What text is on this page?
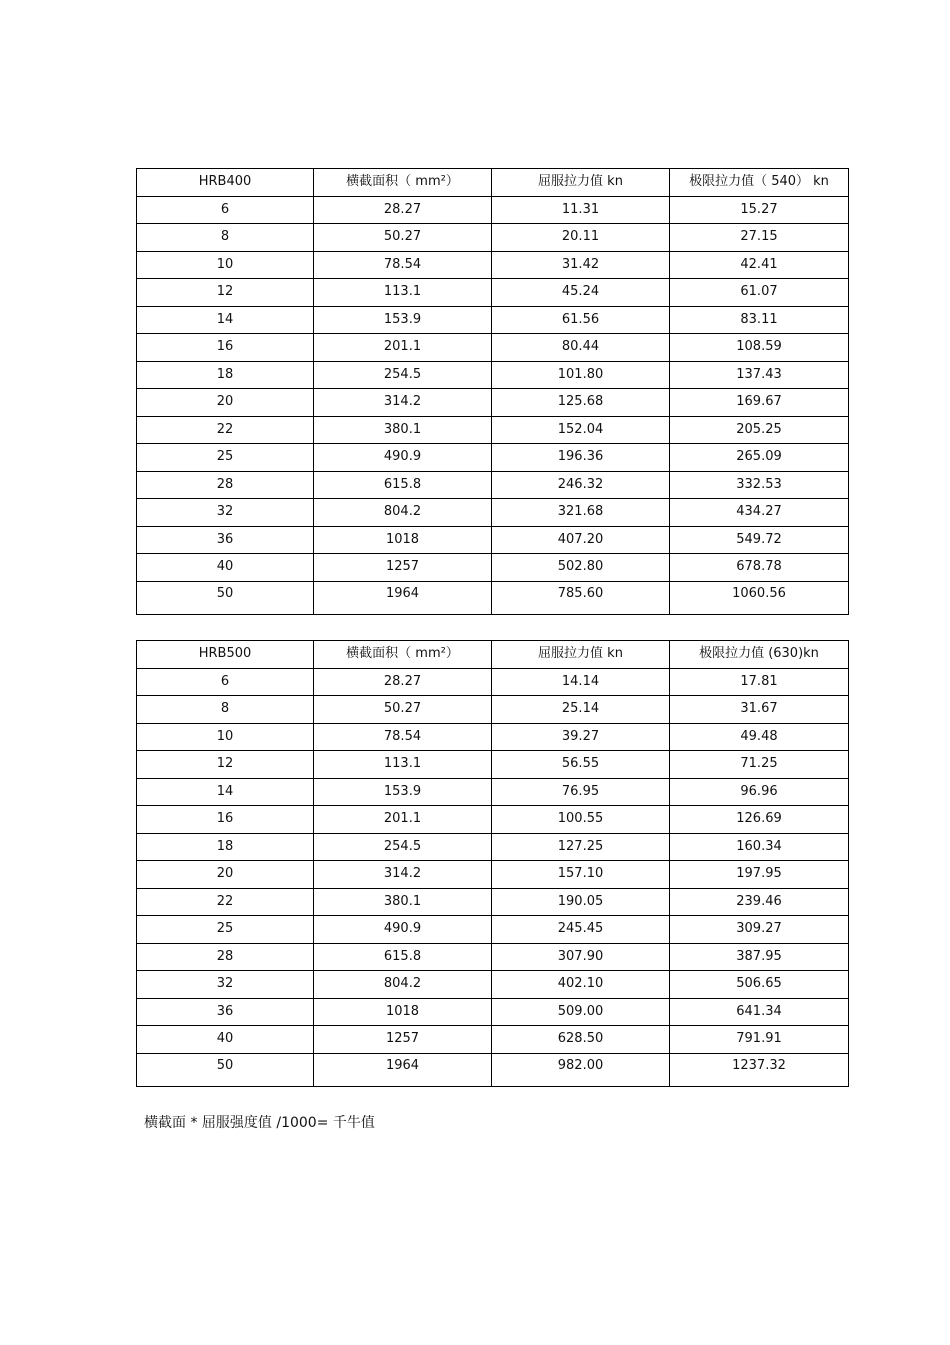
HRB400	横截面积（ mm²）	屈服拉力值 kn	极限拉力值（ 540） kn
6	28.27	11.31	15.27
8	50.27	20.11	27.15
10	78.54	31.42	42.41
12	113.1	45.24	61.07
14	153.9	61.56	83.11
16	201.1	80.44	108.59
18	254.5	101.80	137.43
20	314.2	125.68	169.67
22	380.1	152.04	205.25
25	490.9	196.36	265.09
28	615.8	246.32	332.53
32	804.2	321.68	434.27
36	1018	407.20	549.72
40	1257	502.80	678.78
50	1964	785.60	1060.56
HRB500	横截面积（ mm²）	屈服拉力值 kn	极限拉力值 (630)kn
6	28.27	14.14	17.81
8	50.27	25.14	31.67
10	78.54	39.27	49.48
12	113.1	56.55	71.25
14	153.9	76.95	96.96
16	201.1	100.55	126.69
18	254.5	127.25	160.34
20	314.2	157.10	197.95
22	380.1	190.05	239.46
25	490.9	245.45	309.27
28	615.8	307.90	387.95
32	804.2	402.10	506.65
36	1018	509.00	641.34
40	1257	628.50	791.91
50	1964	982.00	1237.32
横截面 * 屈服强度值 /1000= 千牛值
